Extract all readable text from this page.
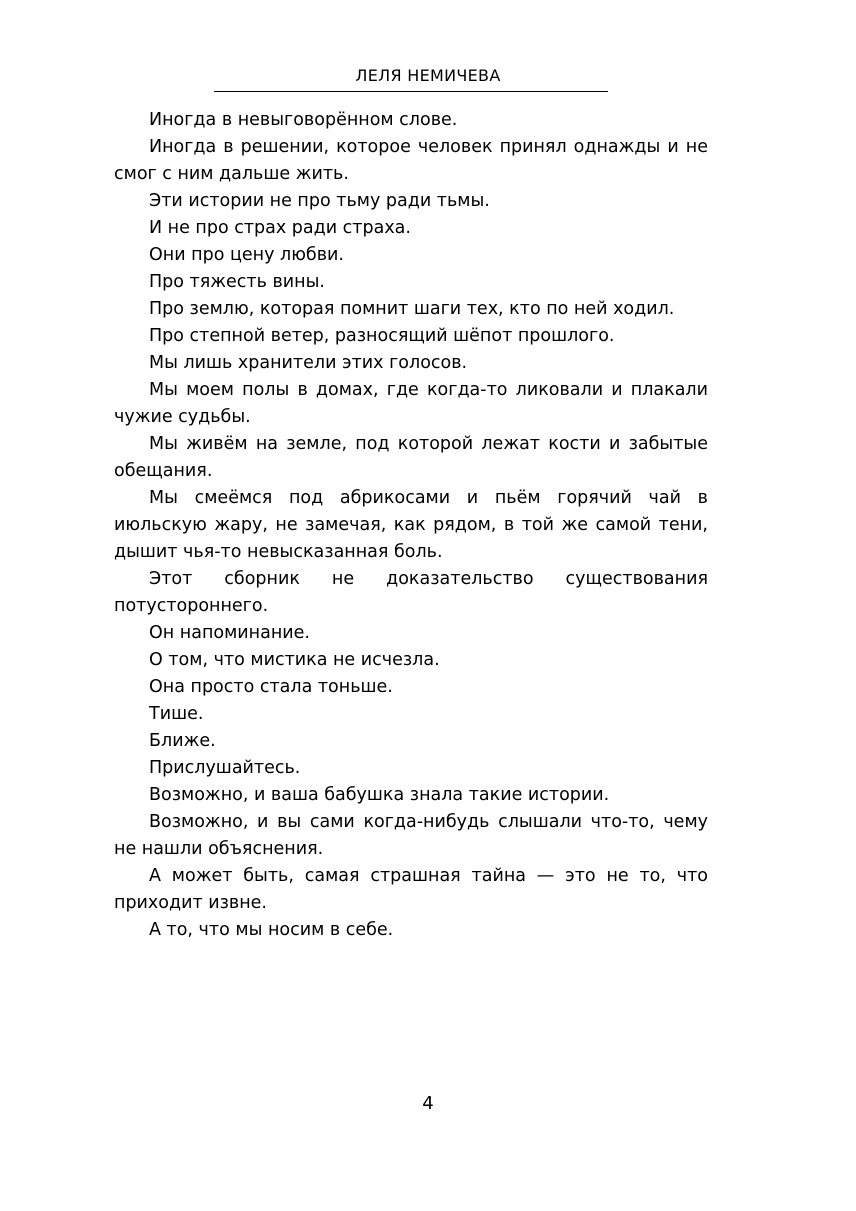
ЛЕЛЯ НЕМИЧЕВА

Иногда в невыговорённом слове.

Иногда в решении, которое человек принял однажды и не смог с ним дальше жить.

Эти истории не про тьму ради тьмы.

И не про страх ради страха.

Они про цену любви.

Про тяжесть вины.

Про землю, которая помнит шаги тех, кто по ней ходил.

Про степной ветер, разносящий шёпот прошлого.

Мы лишь хранители этих голосов.

Мы моем полы в домах, где когда-то ликовали и плакали чужие судьбы.

Мы живём на земле, под которой лежат кости и забытые обещания.

Мы смеёмся под абрикосами и пьём горячий чай в июльскую жару, не замечая, как рядом, в той же самой тени, дышит чья-то невысказанная боль.

Этот сборник не доказательство существования потустороннего.

Он напоминание.

О том, что мистика не исчезла.

Она просто стала тоньше.

Тише.

Ближе.

Прислушайтесь.

Возможно, и ваша бабушка знала такие истории.

Возможно, и вы сами когда-нибудь слышали что-то, чему не нашли объяснения.

А может быть, самая страшная тайна — это не то, что приходит извне.

А то, что мы носим в себе.

4
